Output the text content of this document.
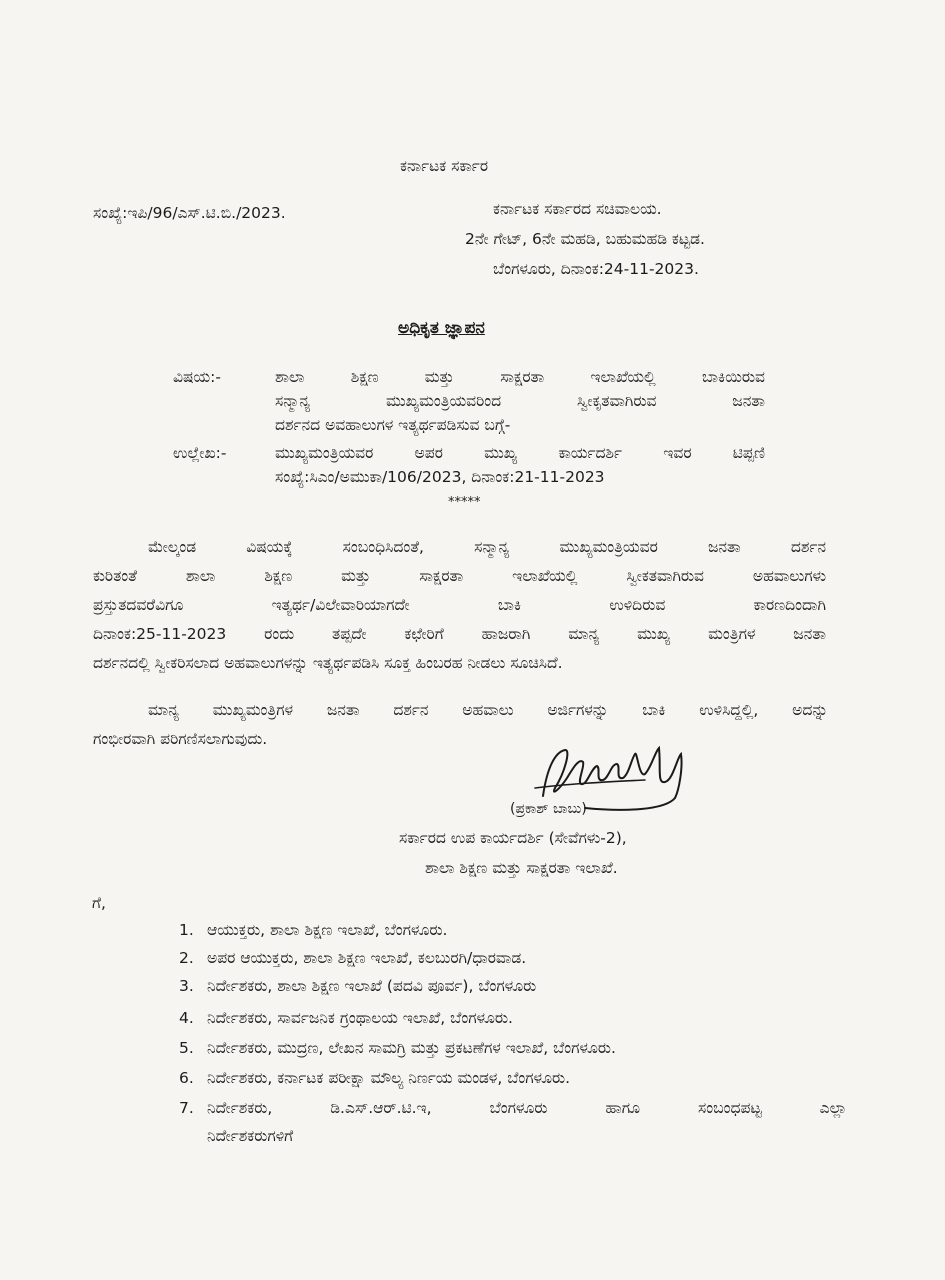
ಕರ್ನಾಟಕ ಸರ್ಕಾರ
ಸಂಖ್ಯೆ:ಇಪಿ/96/ಎಸ್.ಟಿ.ಬಿ./2023.	ಕರ್ನಾಟಕ ಸರ್ಕಾರದ ಸಚಿವಾಲಯ.
2ನೇ ಗೇಟ್, 6ನೇ ಮಹಡಿ, ಬಹುಮಹಡಿ ಕಟ್ಟಡ.
ಬೆಂಗಳೂರು, ದಿನಾಂಕ:24-11-2023.
ಅಧಿಕೃತ ಜ್ಞಾಪನ
ವಿಷಯ:-	ಶಾಲಾ ಶಿಕ್ಷಣ ಮತ್ತು ಸಾಕ್ಷರತಾ ಇಲಾಖೆಯಲ್ಲಿ ಬಾಕಿಯಿರುವ
ಸನ್ಮಾನ್ಯ ಮುಖ್ಯಮಂತ್ರಿಯವರಿಂದ ಸ್ವೀಕೃತವಾಗಿರುವ ಜನತಾ
ದರ್ಶನದ ಅವಹಾಲುಗಳ ಇತ್ಯರ್ಥಪಡಿಸುವ ಬಗ್ಗೆ-
ಉಲ್ಲೇಖ:-	ಮುಖ್ಯಮಂತ್ರಿಯವರ ಅಪರ ಮುಖ್ಯ ಕಾರ್ಯದರ್ಶಿ ಇವರ ಟಿಪ್ಪಣಿ
ಸಂಖ್ಯೆ:ಸಿಎಂ/ಅಮುಕಾ/106/2023, ದಿನಾಂಕ:21-11-2023
*****
ಮೇಲ್ಕಂಡ ವಿಷಯಕ್ಕೆ ಸಂಬಂಧಿಸಿದಂತೆ, ಸನ್ಮಾನ್ಯ ಮುಖ್ಯಮಂತ್ರಿಯವರ ಜನತಾ ದರ್ಶನ
ಕುರಿತಂತೆ ಶಾಲಾ ಶಿಕ್ಷಣ ಮತ್ತು ಸಾಕ್ಷರತಾ ಇಲಾಖೆಯಲ್ಲಿ ಸ್ವೀಕತವಾಗಿರುವ ಅಹವಾಲುಗಳು
ಪ್ರಸ್ತುತದವರೆವಿಗೂ ಇತ್ಯರ್ಥ/ವಿಲೇವಾರಿಯಾಗದೇ ಬಾಕಿ ಉಳಿದಿರುವ ಕಾರಣದಿಂದಾಗಿ
ದಿನಾಂಕ:25-11-2023 ರಂದು ತಪ್ಪದೇ ಕಛೇರಿಗೆ ಹಾಜರಾಗಿ ಮಾನ್ಯ ಮುಖ್ಯ ಮಂತ್ರಿಗಳ ಜನತಾ
ದರ್ಶನದಲ್ಲಿ ಸ್ವೀಕರಿಸಲಾದ ಅಹವಾಲುಗಳನ್ನು ಇತ್ಯರ್ಥಪಡಿಸಿ ಸೂಕ್ತ ಹಿಂಬರಹ ನೀಡಲು ಸೂಚಿಸಿದೆ.
ಮಾನ್ಯ ಮುಖ್ಯಮಂತ್ರಿಗಳ ಜನತಾ ದರ್ಶನ ಅಹವಾಲು ಅರ್ಜಿಗಳನ್ನು ಬಾಕಿ ಉಳಿಸಿದ್ದಲ್ಲಿ, ಅದನ್ನು
ಗಂಭೀರವಾಗಿ ಪರಿಗಣಿಸಲಾಗುವುದು.
(ಪ್ರಕಾಶ್ ಬಾಬು)
ಸರ್ಕಾರದ ಉಪ ಕಾರ್ಯದರ್ಶಿ (ಸೇವೆಗಳು-2),
ಶಾಲಾ ಶಿಕ್ಷಣ ಮತ್ತು ಸಾಕ್ಷರತಾ ಇಲಾಖೆ.
ಗೆ,
1. ಆಯುಕ್ತರು, ಶಾಲಾ ಶಿಕ್ಷಣ ಇಲಾಖೆ, ಬೆಂಗಳೂರು.
2. ಅಪರ ಆಯುಕ್ತರು, ಶಾಲಾ ಶಿಕ್ಷಣ ಇಲಾಖೆ, ಕಲಬುರಗಿ/ಧಾರವಾಡ.
3. ನಿರ್ದೇಶಕರು, ಶಾಲಾ ಶಿಕ್ಷಣ ಇಲಾಖೆ (ಪದವಿ ಪೂರ್ವ), ಬೆಂಗಳೂರು
4. ನಿರ್ದೇಶಕರು, ಸಾರ್ವಜನಿಕ ಗ್ರಂಥಾಲಯ ಇಲಾಖೆ, ಬೆಂಗಳೂರು.
5. ನಿರ್ದೇಶಕರು, ಮುದ್ರಣ, ಲೇಖನ ಸಾಮಗ್ರಿ ಮತ್ತು ಪ್ರಕಟಣೆಗಳ ಇಲಾಖೆ, ಬೆಂಗಳೂರು.
6. ನಿರ್ದೇಶಕರು, ಕರ್ನಾಟಕ ಪರೀಕ್ಷಾ ಮೌಲ್ಯ ನಿರ್ಣಯ ಮಂಡಳ, ಬೆಂಗಳೂರು.
7. ನಿರ್ದೇಶಕರು, ಡಿ.ಎಸ್.ಆರ್.ಟಿ.ಇ, ಬೆಂಗಳೂರು ಹಾಗೂ ಸಂಬಂಧಪಟ್ಟ ಎಲ್ಲಾ
ನಿರ್ದೇಶಕರುಗಳಿಗೆ
